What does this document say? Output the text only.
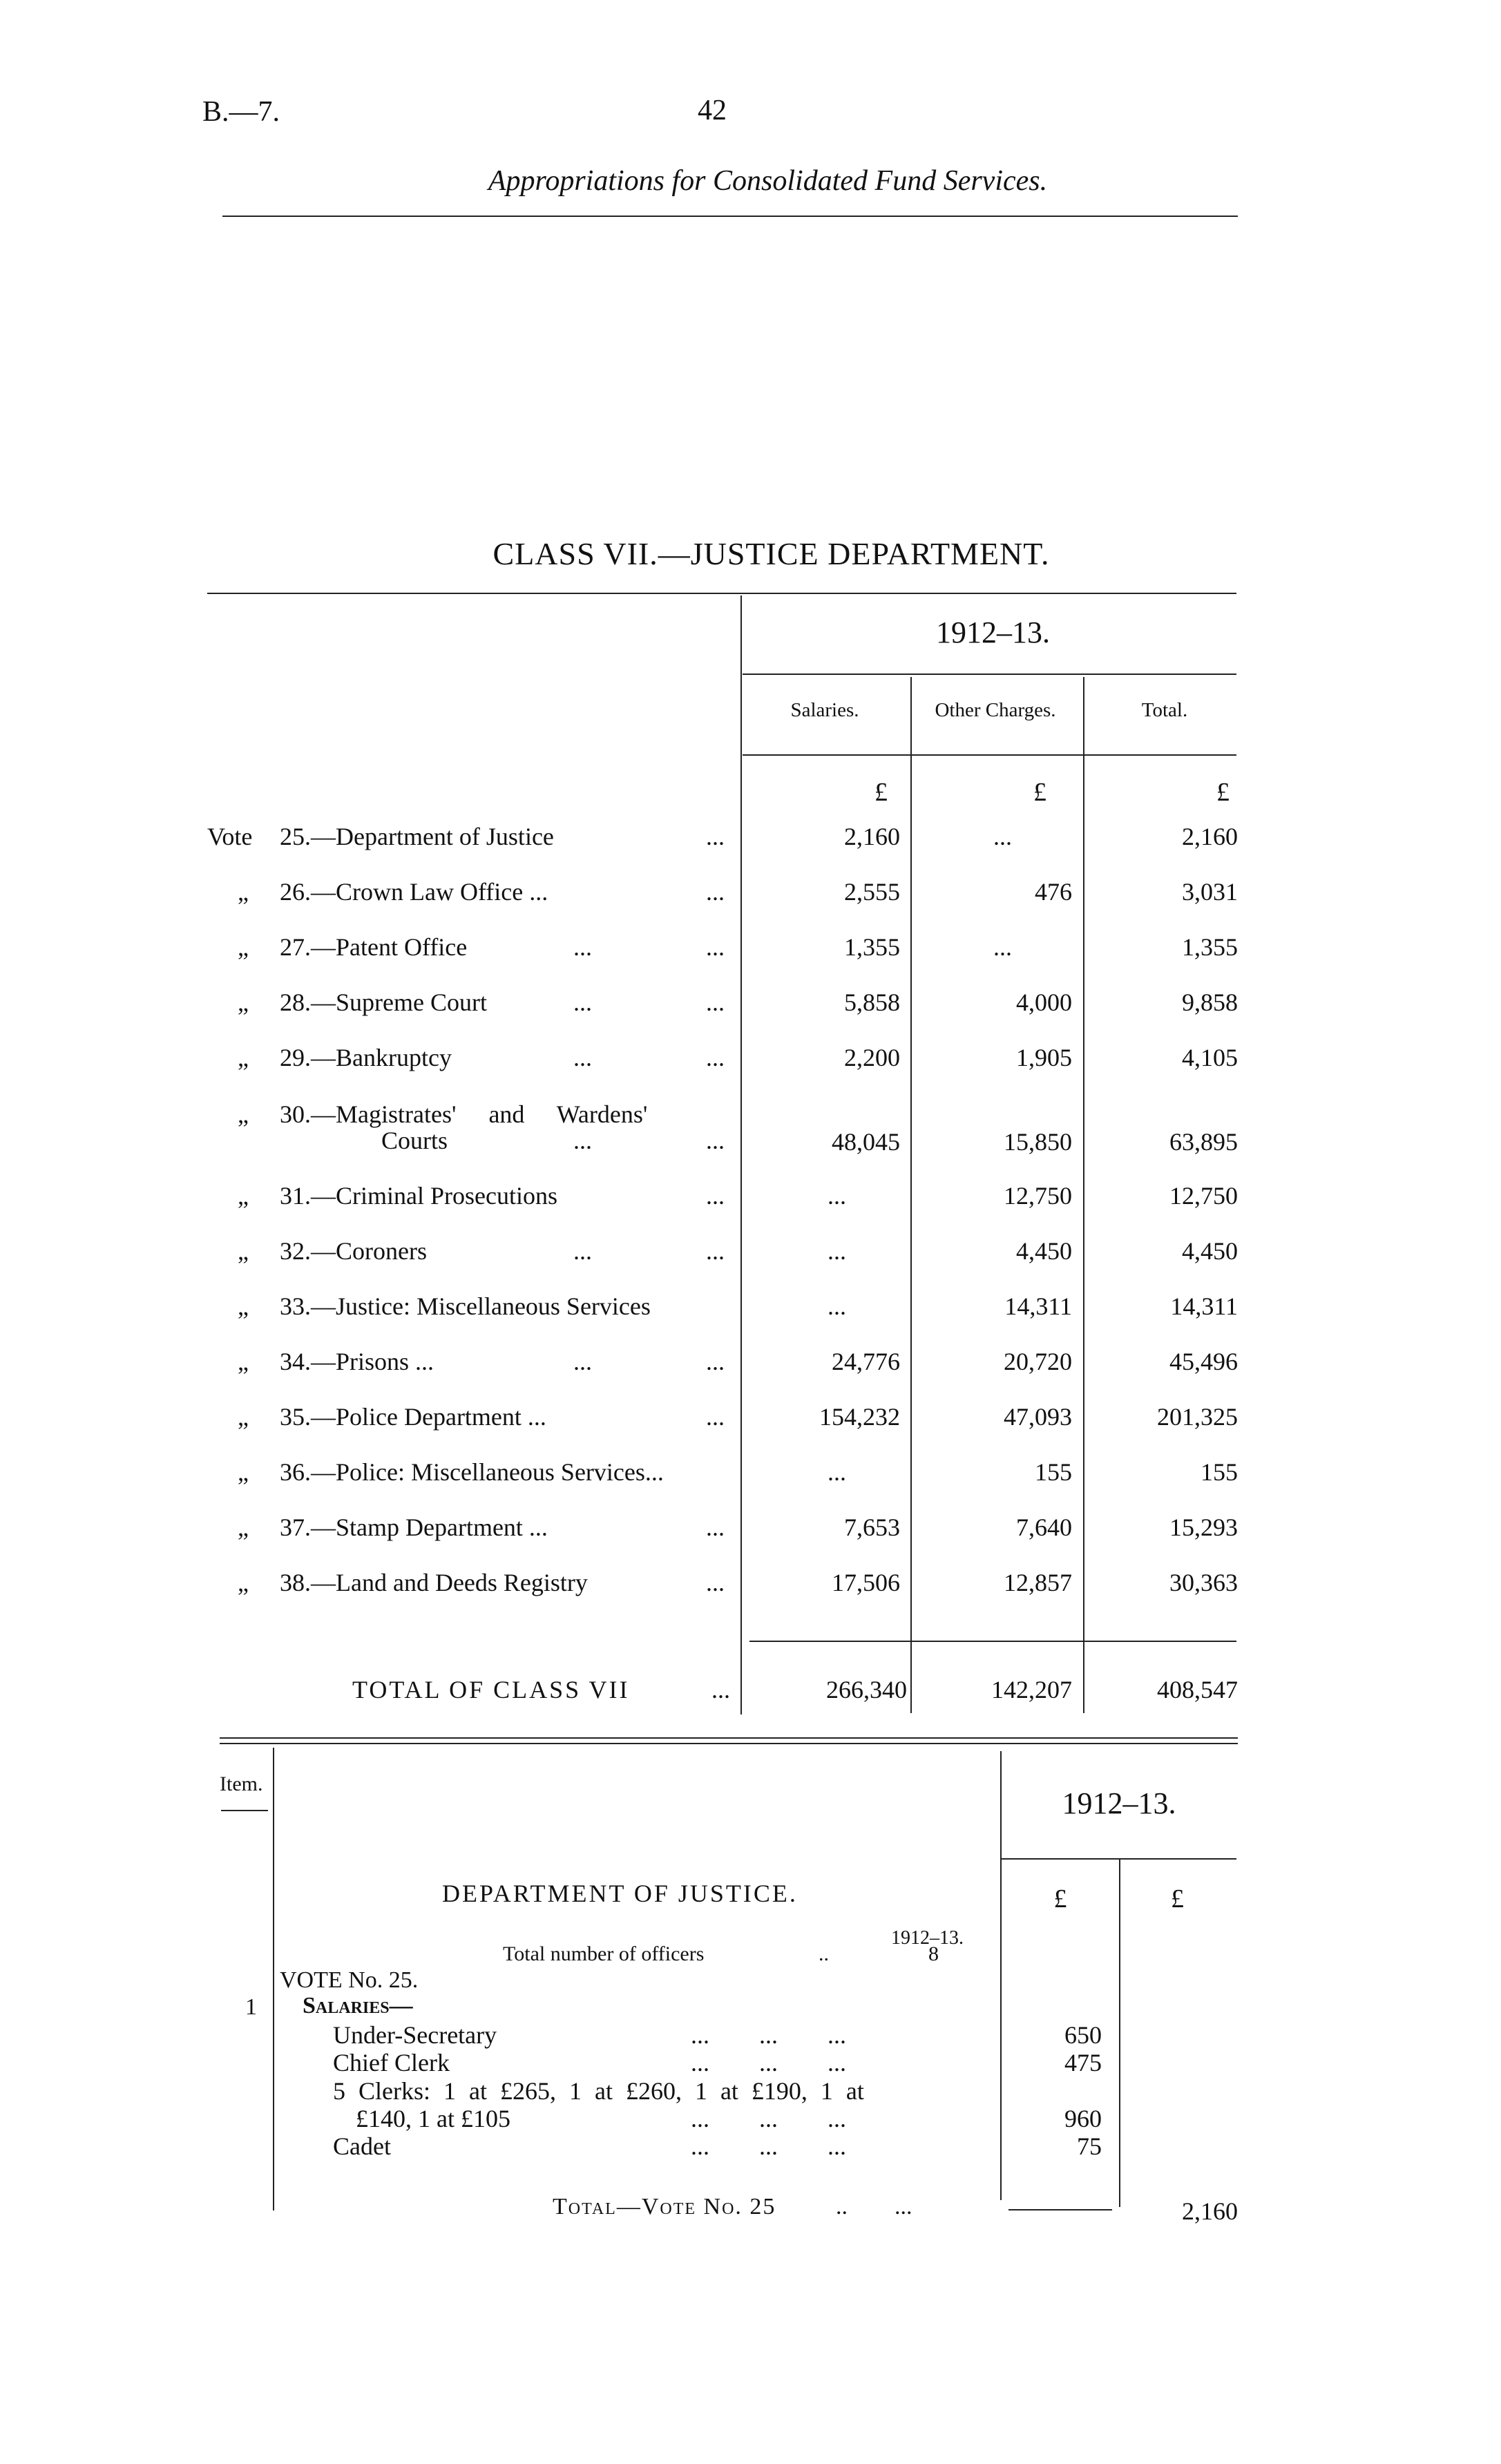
B.—7.	42
Appropriations for Consolidated Fund Services.
CLASS VII.—JUSTICE DEPARTMENT.
1912–13.
Salaries.	Other Charges.	Total.
£	£	£
Vote 25.—Department of Justice	...	2,160	...	2,160
„ 26.—Crown Law Office ...	...	2,555	476	3,031
„ 27.—Patent Office	...	...	1,355	...	1,355
„ 28.—Supreme Court	...	...	5,858	4,000	9,858
„ 29.—Bankruptcy	...	...	2,200	1,905	4,105
„ 30.—Magistrates' and Wardens'
Courts	...	...	48,045	15,850	63,895
„ 31.—Criminal Prosecutions	...	...	12,750	12,750
„ 32.—Coroners	...	...	...	4,450	4,450
„ 33.—Justice: Miscellaneous Services	...	14,311	14,311
„ 34.—Prisons ...	...	...	24,776	20,720	45,496
„ 35.—Police Department ...	...	154,232	47,093	201,325
„ 36.—Police: Miscellaneous Services...	...	155	155
„ 37.—Stamp Department ...	...	7,653	7,640	15,293
„ 38.—Land and Deeds Registry	...	17,506	12,857	30,363
TOTAL OF CLASS VII	...	266,340	142,207	408,547
Item.
1912–13.
DEPARTMENT OF JUSTICE.	£	£
1912–13.
Total number of officers	..	8
VOTE No. 25.
1 Salaries—
Under-Secretary	...        ...        ...	650
Chief Clerk	...        ...        ...	475
5 Clerks: 1 at £265, 1 at £260, 1 at £190, 1 at
£140, 1 at £105	...        ...        ...	960
Cadet	...        ...        ...	75
Total—Vote No. 25	..        ...	2,160
